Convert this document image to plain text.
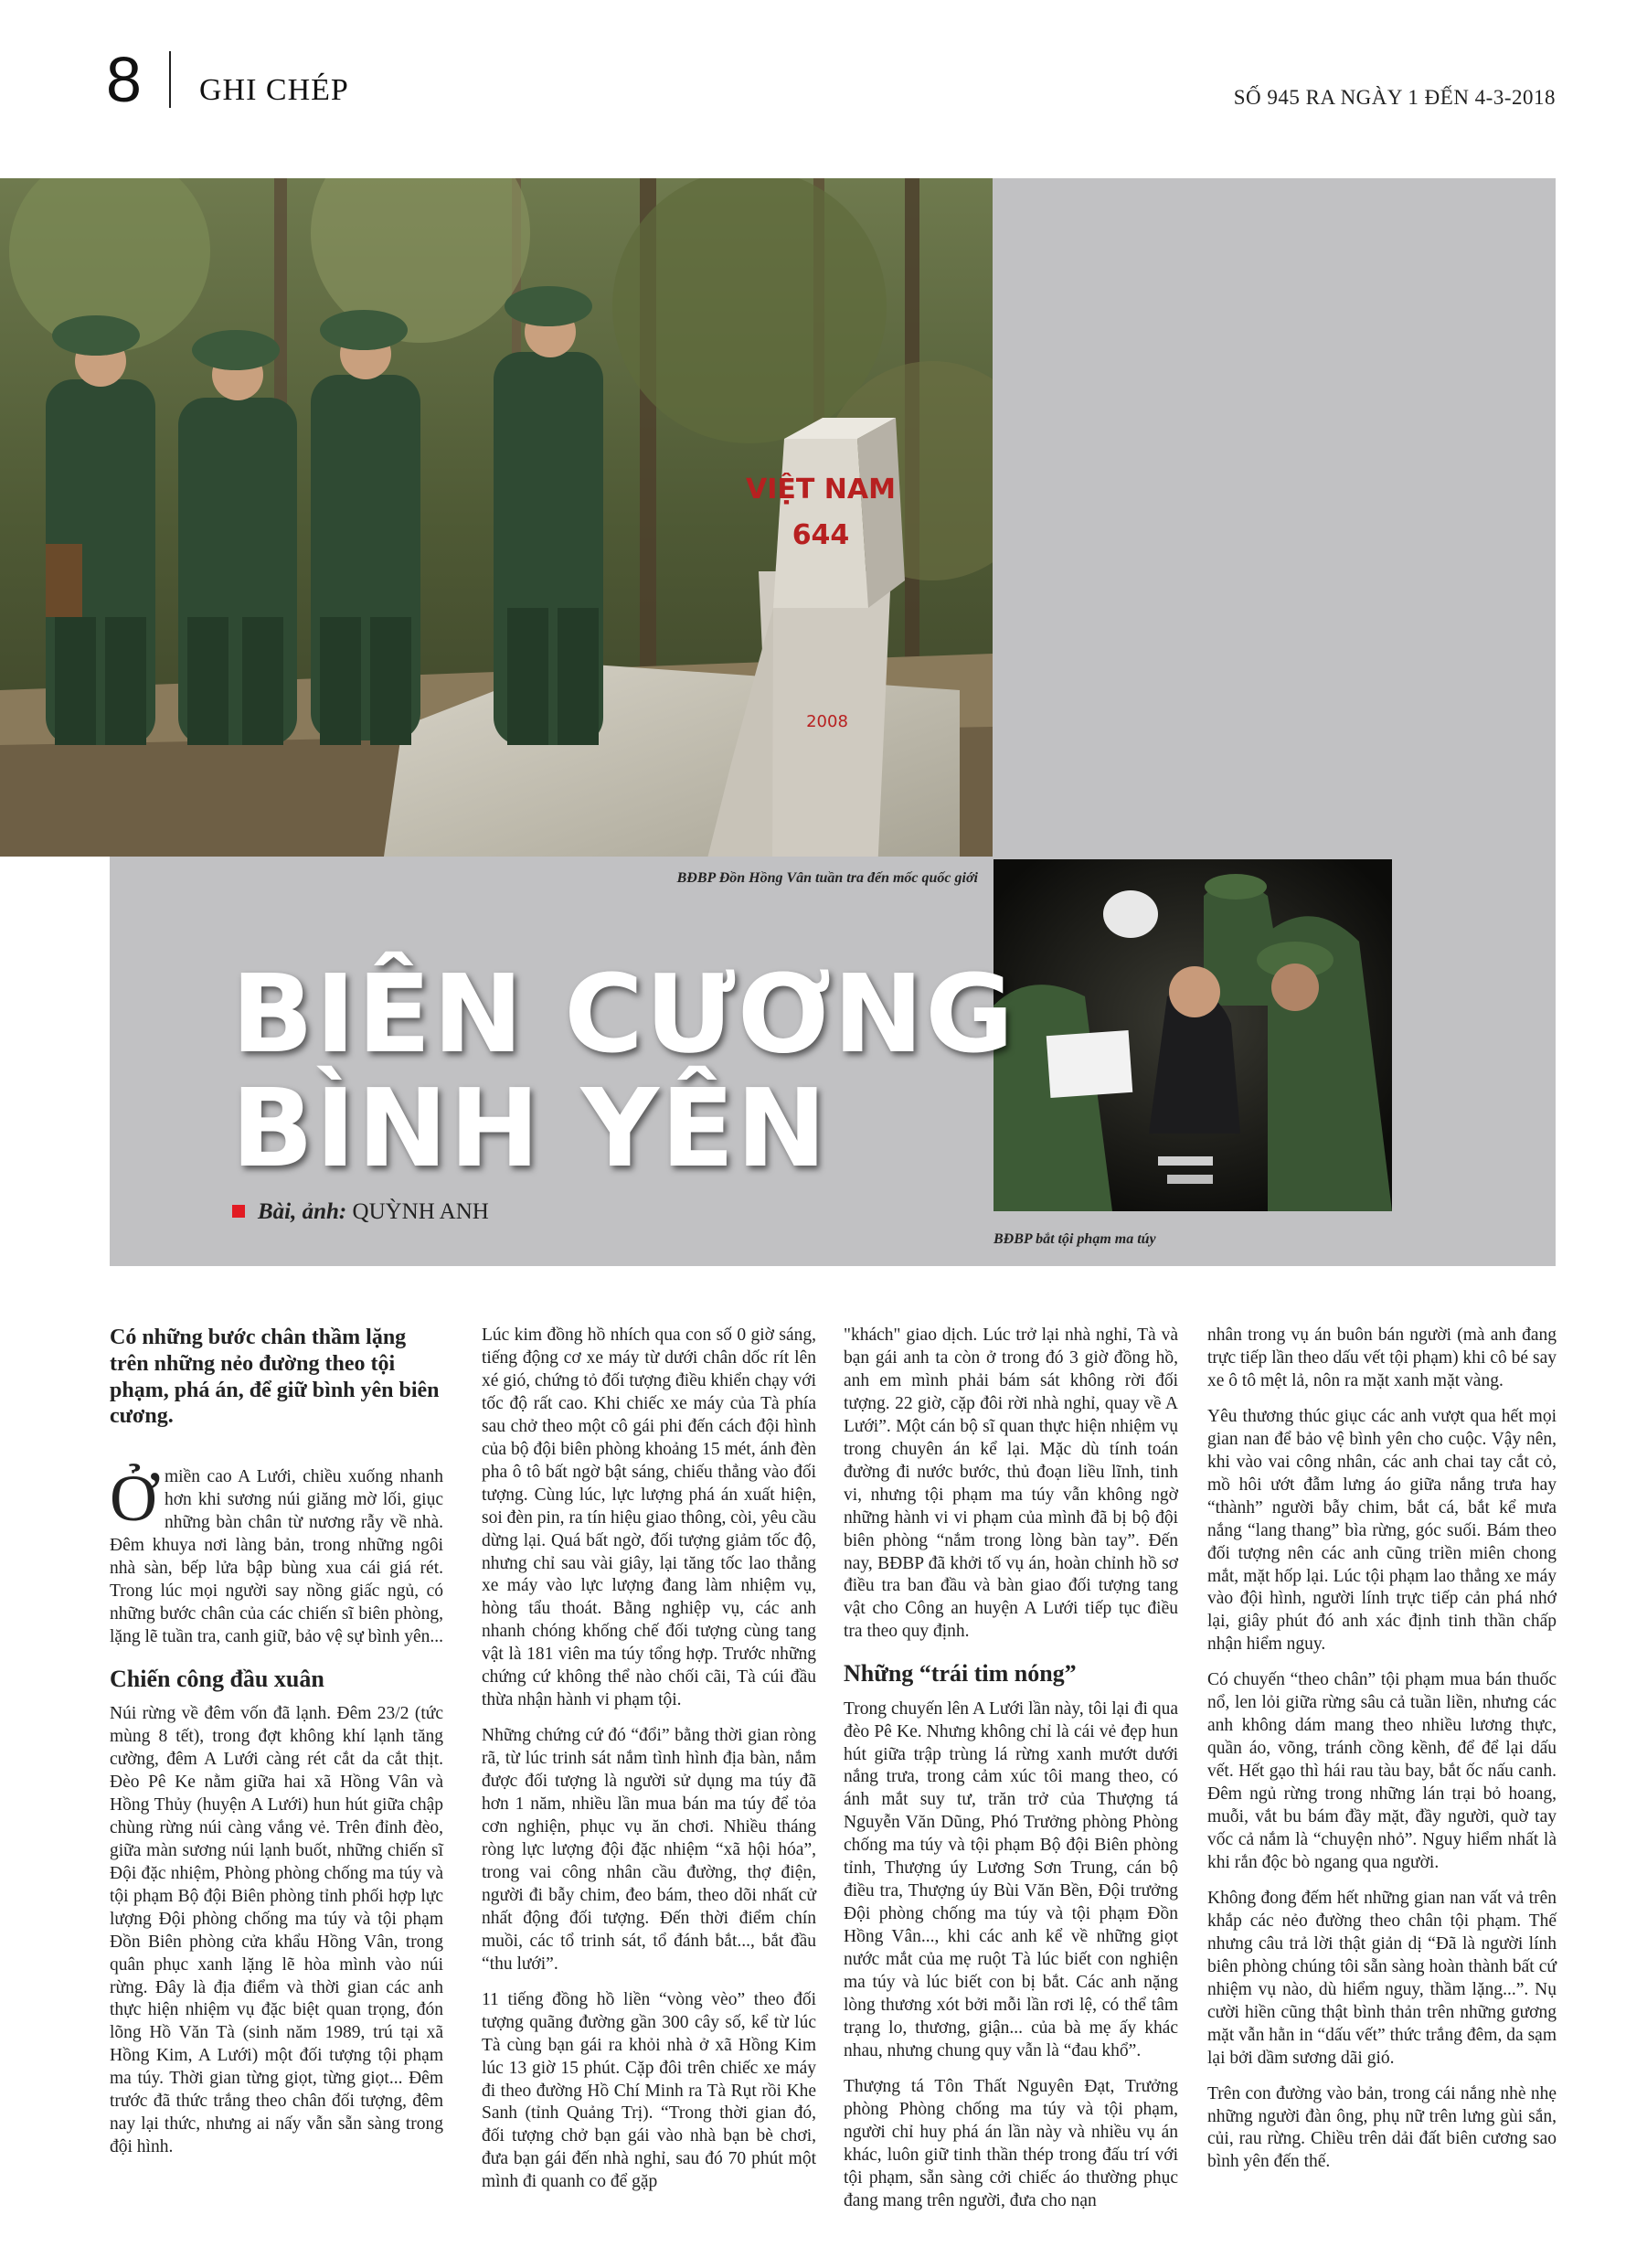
8 GHI CHÉP	SỐ 945 RA NGÀY 1 ĐẾN 4-3-2018
VIỆT NAM
644
2008
BĐBP Đồn Hồng Vân tuần tra đến mốc quốc giới
BĐBP bắt tội phạm ma túy
BIÊN CƯƠNG
BÌNH YÊN
Bài, ảnh: QUỲNH ANH

Có những bước chân thầm lặng trên những nẻo đường theo tội phạm, phá án, để giữ bình yên biên cương.

Ởmiền cao A Lưới, chiều xuống nhanh hơn khi sương núi giăng mờ lối, giục những bàn chân từ nương rẫy về nhà. Đêm khuya nơi làng bản, trong những ngôi nhà sàn, bếp lửa bập bùng xua cái giá rét. Trong lúc mọi người say nồng giấc ngủ, có những bước chân của các chiến sĩ biên phòng, lặng lẽ tuần tra, canh giữ, bảo vệ sự bình yên...

Chiến công đầu xuân

Núi rừng về đêm vốn đã lạnh. Đêm 23/2 (tức mùng 8 tết), trong đợt không khí lạnh tăng cường, đêm A Lưới càng rét cắt da cắt thịt. Đèo Pê Ke nằm giữa hai xã Hồng Vân và Hồng Thủy (huyện A Lưới) hun hút giữa chập chùng rừng núi càng vắng vẻ. Trên đỉnh đèo, giữa màn sương núi lạnh buốt, những chiến sĩ Đội đặc nhiệm, Phòng phòng chống ma túy và tội phạm Bộ đội Biên phòng tỉnh phối hợp lực lượng Đội phòng chống ma túy và tội phạm Đồn Biên phòng cửa khẩu Hồng Vân, trong quân phục xanh lặng lẽ hòa mình vào núi rừng. Đây là địa điểm và thời gian các anh thực hiện nhiệm vụ đặc biệt quan trọng, đón lõng Hồ Văn Tà (sinh năm 1989, trú tại xã Hồng Kim, A Lưới) một đối tượng tội phạm ma túy. Thời gian từng giọt, từng giọt... Đêm trước đã thức trắng theo chân đối tượng, đêm nay lại thức, nhưng ai nấy vẫn sẵn sàng trong đội hình.

Lúc kim đồng hồ nhích qua con số 0 giờ sáng, tiếng động cơ xe máy từ dưới chân dốc rít lên xé gió, chứng tỏ đối tượng điều khiển chạy với tốc độ rất cao. Khi chiếc xe máy của Tà phía sau chở theo một cô gái phi đến cách đội hình của bộ đội biên phòng khoảng 15 mét, ánh đèn pha ô tô bất ngờ bật sáng, chiếu thẳng vào đối tượng. Cùng lúc, lực lượng phá án xuất hiện, soi đèn pin, ra tín hiệu giao thông, còi, yêu cầu dừng lại. Quá bất ngờ, đối tượng giảm tốc độ, nhưng chỉ sau vài giây, lại tăng tốc lao thẳng xe máy vào lực lượng đang làm nhiệm vụ, hòng tẩu thoát. Bằng nghiệp vụ, các anh nhanh chóng khống chế đối tượng cùng tang vật là 181 viên ma túy tổng hợp. Trước những chứng cứ không thể nào chối cãi, Tà cúi đầu thừa nhận hành vi phạm tội.

Những chứng cứ đó “đổi” bằng thời gian ròng rã, từ lúc trinh sát nắm tình hình địa bàn, nắm được đối tượng là người sử dụng ma túy đã hơn 1 năm, nhiều lần mua bán ma túy để tỏa cơn nghiện, phục vụ ăn chơi. Nhiều tháng ròng lực lượng đội đặc nhiệm “xã hội hóa”, trong vai công nhân cầu đường, thợ điện, người đi bẫy chim, đeo bám, theo dõi nhất cử nhất động đối tượng. Đến thời điểm chín muồi, các tổ trinh sát, tổ đánh bắt..., bắt đầu “thu lưới”.

11 tiếng đồng hồ liền “vòng vèo” theo đối tượng quãng đường gần 300 cây số, kể từ lúc Tà cùng bạn gái ra khỏi nhà ở xã Hồng Kim lúc 13 giờ 15 phút. Cặp đôi trên chiếc xe máy đi theo đường Hồ Chí Minh ra Tà Rụt rồi Khe Sanh (tỉnh Quảng Trị). “Trong thời gian đó, đối tượng chở bạn gái vào nhà bạn bè chơi, đưa bạn gái đến nhà nghỉ, sau đó 70 phút một mình đi quanh co để gặp

"khách" giao dịch. Lúc trở lại nhà nghỉ, Tà và bạn gái anh ta còn ở trong đó 3 giờ đồng hồ, anh em mình phải bám sát không rời đối tượng. 22 giờ, cặp đôi rời nhà nghỉ, quay về A Lưới”. Một cán bộ sĩ quan thực hiện nhiệm vụ trong chuyên án kể lại. Mặc dù tính toán đường đi nước bước, thủ đoạn liều lĩnh, tinh vi, nhưng tội phạm ma túy vẫn không ngờ những hành vi vi phạm của mình đã bị bộ đội biên phòng “nắm trong lòng bàn tay”. Đến nay, BĐBP đã khởi tố vụ án, hoàn chỉnh hồ sơ điều tra ban đầu và bàn giao đối tượng tang vật cho Công an huyện A Lưới tiếp tục điều tra theo quy định.

Những “trái tim nóng”

Trong chuyến lên A Lưới lần này, tôi lại đi qua đèo Pê Ke. Nhưng không chỉ là cái vẻ đẹp hun hút giữa trập trùng lá rừng xanh mướt dưới nắng trưa, trong cảm xúc tôi mang theo, có ánh mắt suy tư, trăn trở của Thượng tá Nguyễn Văn Dũng, Phó Trưởng phòng Phòng chống ma túy và tội phạm Bộ đội Biên phòng tỉnh, Thượng úy Lương Sơn Trung, cán bộ điều tra, Thượng úy Bùi Văn Bền, Đội trưởng Đội phòng chống ma túy và tội phạm Đồn Hồng Vân..., khi các anh kể về những giọt nước mắt của mẹ ruột Tà lúc biết con nghiện ma túy và lúc biết con bị bắt. Các anh nặng lòng thương xót bởi mỗi lần rơi lệ, có thể tâm trạng lo, thương, giận... của bà mẹ ấy khác nhau, nhưng chung quy vẫn là “đau khổ”.

Thượng tá Tôn Thất Nguyên Đạt, Trưởng phòng Phòng chống ma túy và tội phạm, người chỉ huy phá án lần này và nhiều vụ án khác, luôn giữ tinh thần thép trong đấu trí với tội phạm, sẵn sàng cởi chiếc áo thường phục đang mang trên người, đưa cho nạn

nhân trong vụ án buôn bán người (mà anh đang trực tiếp lần theo dấu vết tội phạm) khi cô bé say xe ô tô mệt lả, nôn ra mặt xanh mặt vàng.

Yêu thương thúc giục các anh vượt qua hết mọi gian nan để bảo vệ bình yên cho cuộc. Vậy nên, khi vào vai công nhân, các anh chai tay cắt cỏ, mồ hôi ướt đẫm lưng áo giữa nắng trưa hay “thành” người bẫy chim, bắt cá, bắt kể mưa nắng “lang thang” bìa rừng, góc suối. Bám theo đối tượng nên các anh cũng triền miên chong mắt, mặt hốp lại. Lúc tội phạm lao thẳng xe máy vào đội hình, người lính trực tiếp cản phá nhớ lại, giây phút đó anh xác định tinh thần chấp nhận hiểm nguy.

Có chuyến “theo chân” tội phạm mua bán thuốc nổ, len lỏi giữa rừng sâu cả tuần liền, nhưng các anh không dám mang theo nhiều lương thực, quần áo, võng, tránh cồng kềnh, để để lại dấu vết. Hết gạo thì hái rau tàu bay, bắt ốc nấu canh. Đêm ngủ rừng trong những lán trại bỏ hoang, muỗi, vắt bu bám đầy mặt, đầy người, quờ tay vốc cả nắm là “chuyện nhỏ”. Nguy hiểm nhất là khi rắn độc bò ngang qua người.

Không đong đếm hết những gian nan vất vả trên khắp các nẻo đường theo chân tội phạm. Thế nhưng câu trả lời thật giản dị “Đã là người lính biên phòng chúng tôi sẵn sàng hoàn thành bất cứ nhiệm vụ nào, dù hiểm nguy, thầm lặng...”. Nụ cười hiền cũng thật bình thản trên những gương mặt vẫn hằn in “dấu vết” thức trắng đêm, da sạm lại bởi dầm sương dãi gió.

Trên con đường vào bản, trong cái nắng nhè nhẹ những người đàn ông, phụ nữ trên lưng gùi sắn, củi, rau rừng. Chiều trên dải đất biên cương sao bình yên đến thế.
